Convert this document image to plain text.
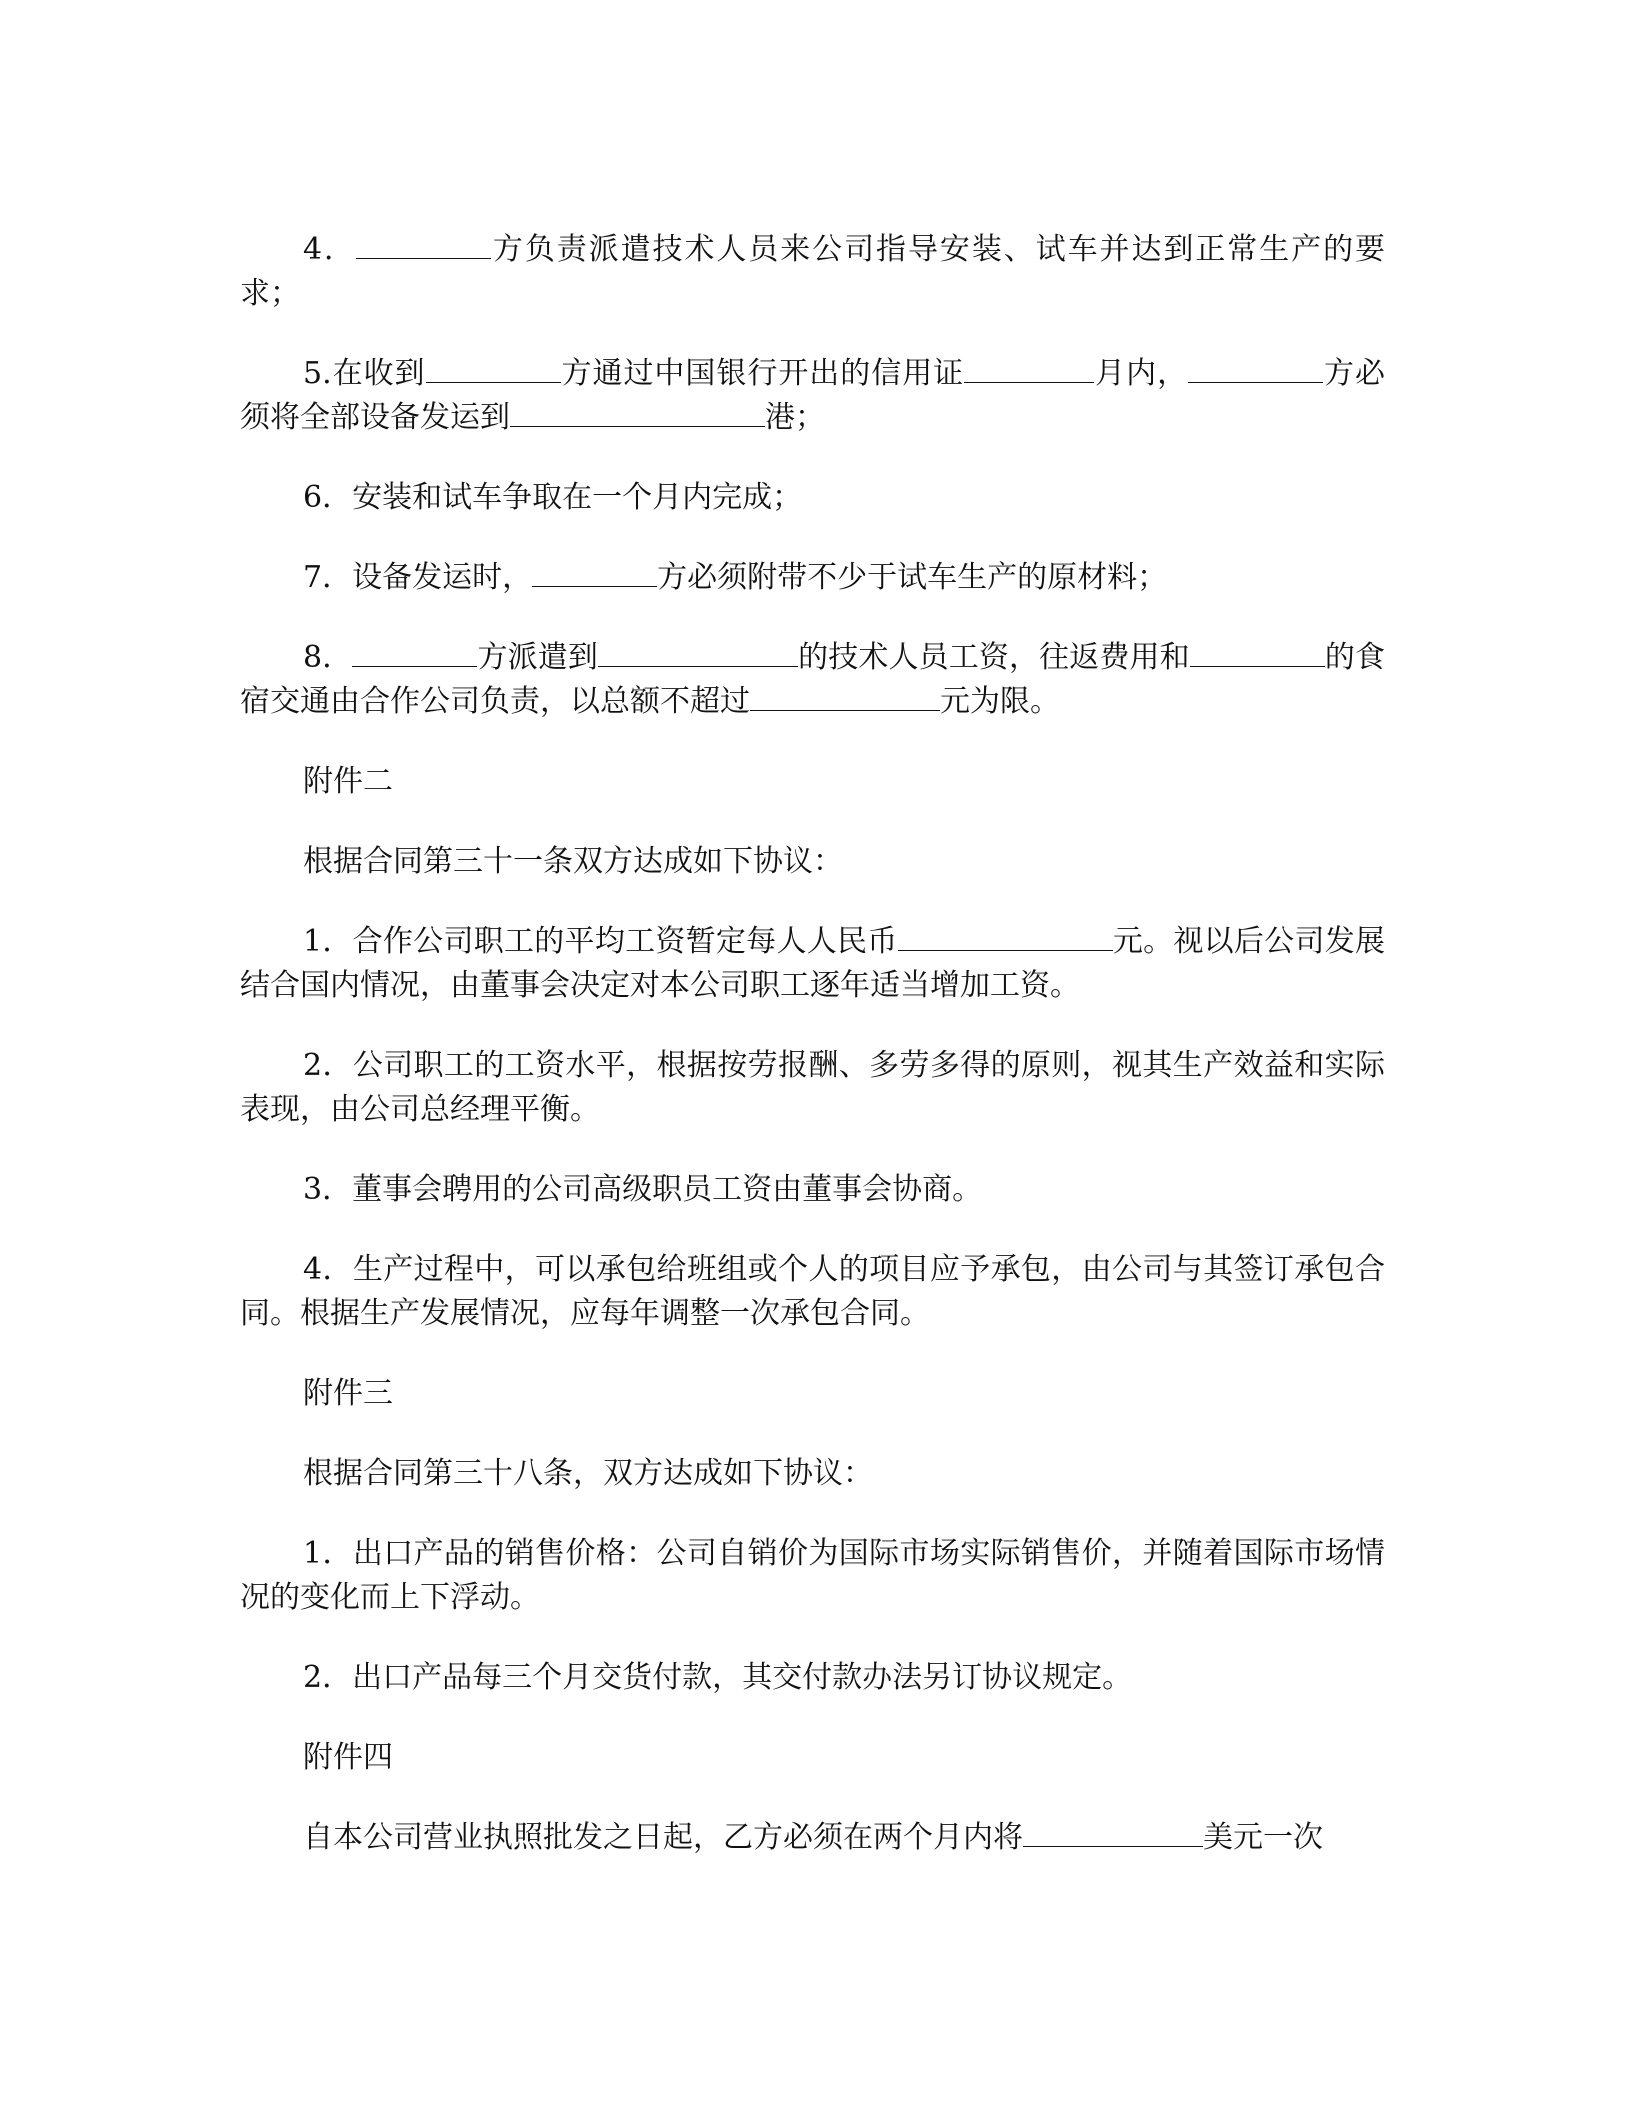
4．	方负责派遣技术人员来公司指导安装、试车并达到正常生产的要求；

5.在收到	方通过中国银行开出的信用证	月内，	方必须将全部设备发运到	港；

6．安装和试车争取在一个月内完成；

7．设备发运时，	方必须附带不少于试车生产的原材料；

8．	方派遣到	的技术人员工资，往返费用和	的食宿交通由合作公司负责，以总额不超过	元为限。

附件二

根据合同第三十一条双方达成如下协议：

1．合作公司职工的平均工资暂定每人人民币	元。视以后公司发展结合国内情况，由董事会决定对本公司职工逐年适当增加工资。

2．公司职工的工资水平，根据按劳报酬、多劳多得的原则，视其生产效益和实际表现，由公司总经理平衡。

3．董事会聘用的公司高级职员工资由董事会协商。

4．生产过程中，可以承包给班组或个人的项目应予承包，由公司与其签订承包合同。根据生产发展情况，应每年调整一次承包合同。

附件三

根据合同第三十八条，双方达成如下协议：

1．出口产品的销售价格：公司自销价为国际市场实际销售价，并随着国际市场情况的变化而上下浮动。

2．出口产品每三个月交货付款，其交付款办法另订协议规定。

附件四

自本公司营业执照批发之日起，乙方必须在两个月内将	美元一次
